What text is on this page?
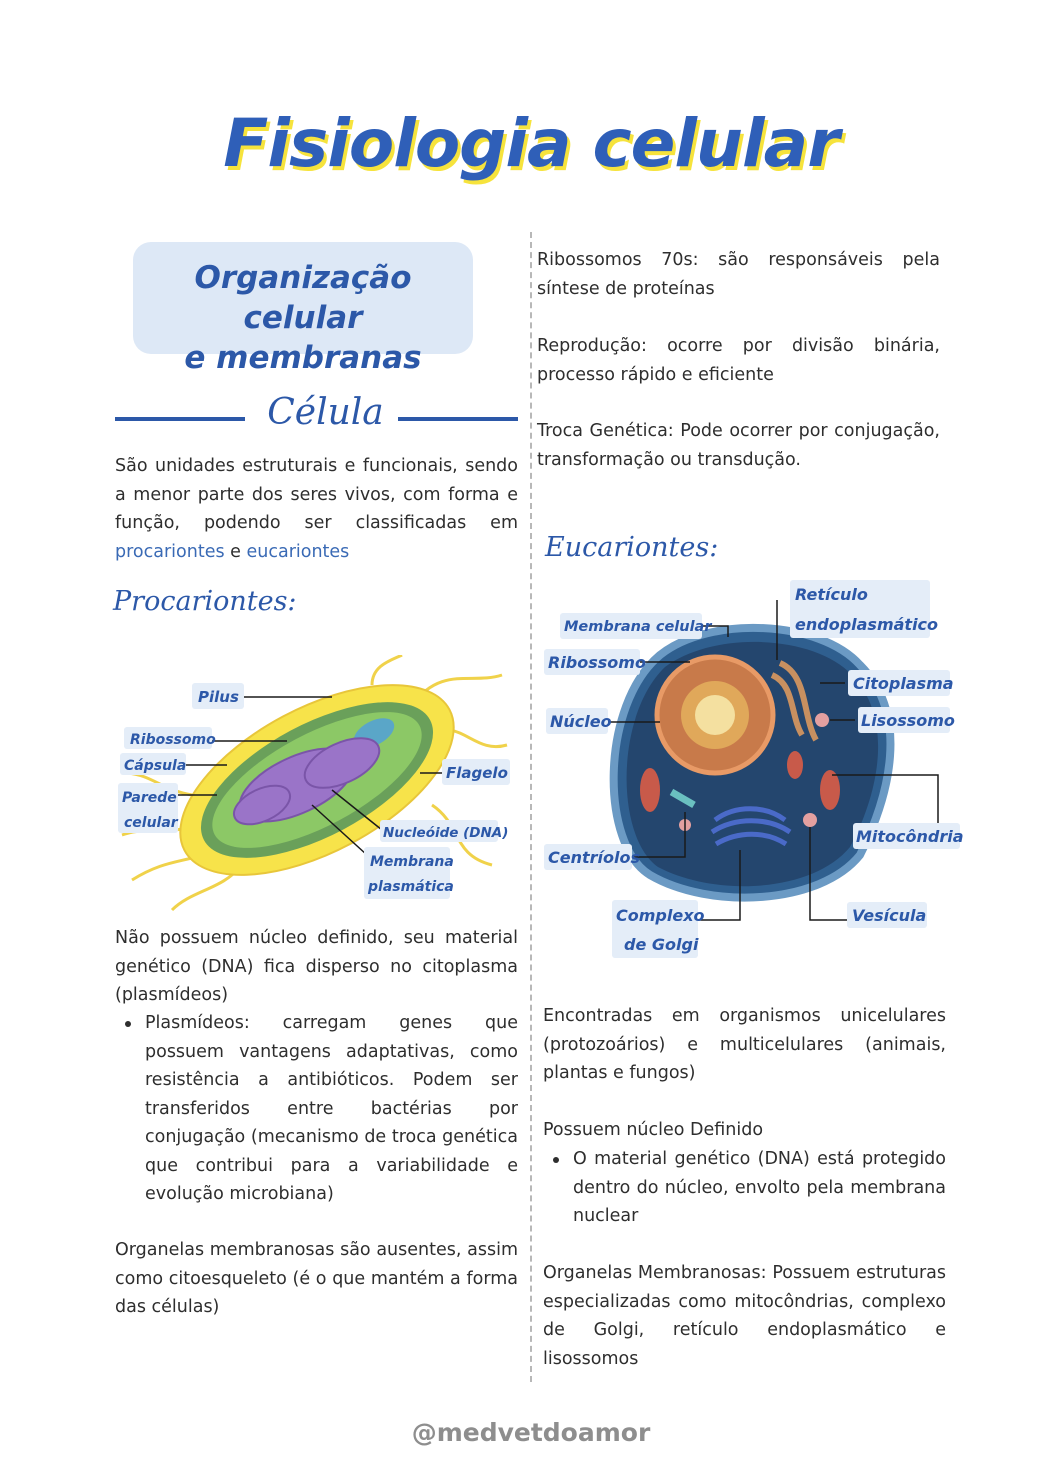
Fisiologia celular
Organização celular
e membranas
Célula
São unidades estruturais e funcionais, sendo a menor parte dos seres vivos, com forma e função, podendo ser classificadas em procariontes e eucariontes
Procariontes:
Pilus
Ribossomo
Cápsula
Parede
celular
Flagelo
Nucleóide (DNA)
Membrana
plasmática
Não possuem núcleo definido, seu material genético (DNA) fica disperso no citoplasma (plasmídeos)
Plasmídeos: carregam genes que possuem vantagens adaptativas, como resistência a antibióticos. Podem ser transferidos entre bactérias por conjugação (mecanismo de troca genética que contribui para a variabilidade e evolução microbiana)
Organelas membranosas são ausentes, assim como citoesqueleto (é o que mantém a forma das células)
Ribossomos 70s: são responsáveis pela síntese de proteínas
Reprodução: ocorre por divisão binária, processo rápido e eficiente
Troca Genética: Pode ocorrer por conjugação, transformação ou transdução.
Eucariontes:
Membrana celular
Retículo
endoplasmático
Ribossomo
Citoplasma
Núcleo	Lisossomo
Mitocôndria
Centríolos
Complexo
de Golgi
Vesícula
Encontradas em organismos unicelulares (protozoários) e multicelulares (animais, plantas e fungos)
Possuem núcleo Definido
O material genético (DNA) está protegido dentro do núcleo, envolto pela membrana nuclear
Organelas Membranosas: Possuem estruturas especializadas como mitocôndrias, complexo de Golgi, retículo endoplasmático e lisossomos
@medvetdoamor
